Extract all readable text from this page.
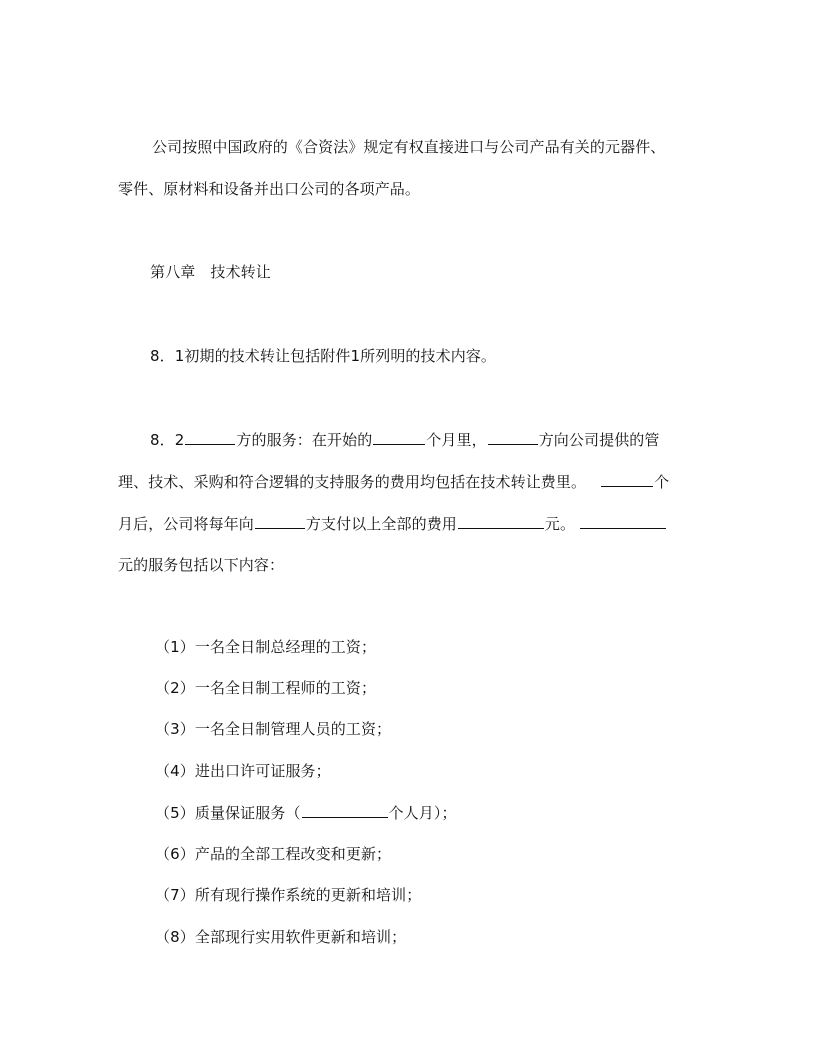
公司按照中国政府的《合资法》规定有权直接进口与公司产品有关的元器件、

零件、原材料和设备并出口公司的各项产品。

第八章　技术转让

8．1初期的技术转让包括附件1所列明的技术内容。

8．2	方的服务：在开始的	个月里，	方向公司提供的管

理、技术、采购和符合逻辑的支持服务的费用均包括在技术转让费里。	个

月后，公司将每年向	方支付以上全部的费用	元。

元的服务包括以下内容：

（1）一名全日制总经理的工资；

（2）一名全日制工程师的工资；

（3）一名全日制管理人员的工资；

（4）进出口许可证服务；

（5）质量保证服务（	个人月）；

（6）产品的全部工程改变和更新；

（7）所有现行操作系统的更新和培训；

（8）全部现行实用软件更新和培训；
